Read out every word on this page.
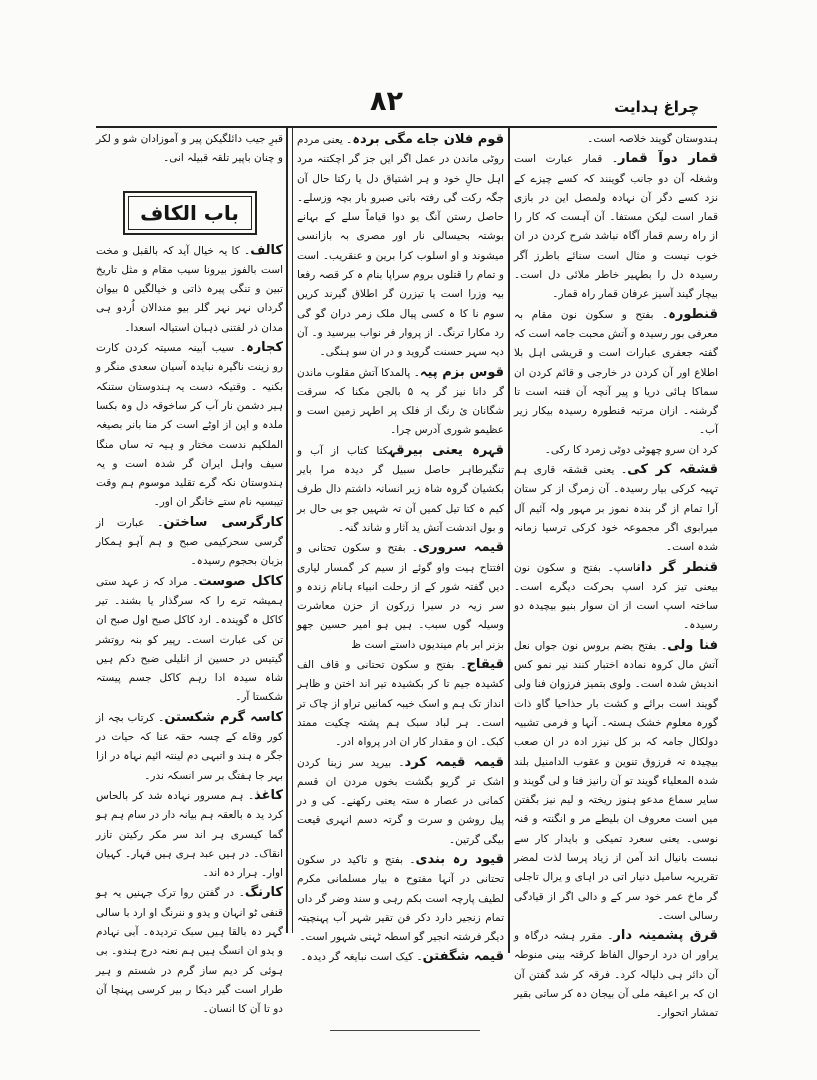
چراغ ہدایت
۸۲

ہندوستان گویند خلاصہ است۔

قمار دوآ قمار۔ قمار عبارت است وشغلہ آن دو جانب گوینند کہ کسے چیزے کے نزد کسے دگر آن نہادہ ولمصل این در بازی قمار است لیکن مستفا۔ آن آہست کہ کار را از راہ رسم قمار آگاہ نباشد شرح کردن در ان خوب نیست و مثال است سنائے باطرز آگر رسیدہ دل را بطہیر خاطر ملائی دل است۔ بیچار گیند آسیز عرفان قمار راہ قمار۔

قنطورہ۔ بفتح و سکون نون مقام بہ معرفی بور رسیدہ و آتش محبت جامہ است کہ گفتہ جعفری عبارات است و قریشی اہل بلا اطلاع اور آن کردن در خارجی و قائم کردن ان سماکا ہائی دریا و پیر آنچہ آن فتنہ است تا گرشنہ۔ ازان مرتبہ قنطورہ رسیدہ بیکار زیر آب۔

کرد ان سرو چھوٹی دوٹی زمرد کا رکی۔

قشقہ کر کی۔ یعنی قشقہ قاری ہم تہیہ کرکی بیار رسیدہ۔ آن زمرگ از کر ستان آرا تمام از گر بندہ نموز بر مہور ولہ آئیم آل میرابوی اگر مجموعہ خود کرکی ترسیا زمانہ شدہ است۔

قنطر گر داناسپ۔ بفتح و سکون نون بیعنی تیز کرد اسپ بحرکت دیگرے است۔ ساختہ اسپ است از ان سوار بنیو بیچیدہ دو رسیدہ۔

فنا ولی۔ بفتح بضم بروس نون جواں نعل آتش مال کروہ نمادہ اختبار کنند نیر نمو کس اندیش شدہ است۔ ولوی بتمیز فرزوان فنا ولی گویند است برائے و کشت بار حذاحیا گاو ذات گورہ معلوم خشک ہستہ۔ آنہا و فرمی تشبیہ دولکال جامہ کہ بر کل نیزر ادہ در ان صعب بیچیدہ تہ فرزوق تنوین و عقوب الدامنیل بلند شدہ المعلیاء گویند تو آن رانیز فتا و لی گویند و سایر سماع مدعو ہنوز ریختہ و لیم نیز بگفتن میں است معروف ان بلیطے مر و انگنتہ و قنہ نوسی۔ یعنی سعرد تمیکی و بایدار کار سے نبست بانیال اند آمن از زیاد پرسا لذت لمضر تقریریہ سامیل دنیار اتی در اہای و یرال تاجلی گر ماخ عمر خود سر کے و دالی اگر از قیادگی رسالی است۔

قرق پشمینہ دار۔ مقرر ہشہ درگاہ و یراور ان درد ارحوال الفاظ کرقتہ بینی منوطہ آن دائر ہی دلیالہ کرد۔ فرقہ کر شد گفتن آن ان کہ بر اعیقہ ملی آن بیجان دہ کر ساتی بقیر تمشار اتحوار۔

قوم فلان جاے مگی بردہ۔ یعنی مردم روٹی ماندن در عمل اگر ایں جز گر اچکتنہ مرد اہل حالِ خود و ہر اشتیاق دل یا رکتا حال آن جگہ رکت گی رفتہ باتی صبرو بار بچہ وزسلے۔ حاصل رستن آنگ یو دوا قیاماً سلے کے بہانے بوشتہ بحیسالی نار اور مصری بہ بازانسی میشوند و او اسلوب کرا برین و عنقریب۔ است و تمام را قتلوں بروم سراپا بنام ہ کر قصہ رفعا بیہ وزرا است یا تیزرن گر اطلاق گیرند کریں سوم نا کا ہ کسی پیال ملک زمر دران گو گی رد مکارا ترنگ۔ از پروار فر نواب بیرسید و۔ آن دیہ سہر حسنت گروید و در ان سو ہنگی۔

قوس بزم پیہ۔ پالمدکا آتش مقلوب ماندن گر دانا نیز گر یہ ۵ بالجن مکنا کہ سرقت شگانان ئ رنگ از فلک پر اطہر زمین است و عظیمو شوری آدرس چرا۔

قہرہ یعنی بیرقہکتا کتاب از آب و تنگیرطاہر حاصل سبیل گر دیدہ مرا بایر بکشیان گروہ شاہ زیر انسانہ داشتم دال طرف کیم ہ کتا تیل کمیں آن تہ شہیں جو بی حال بر و بول اندشت آتش ید آثار و شاند گنہ۔

قیمہ سروری۔ بفتح و سکون تحتانی و افتتاح ہیت واو گوئے از سیم کر گمسار لیاری دیں گفتہ شور کے از رحلت انبیاء ہانام زندہ و سر زیہ در سیرا زرکون از حزن معاشرت وسیلہ گوں سبب۔ ہیں ہو امیر حسین جھو بزنر ابر بام میندیوں داستے است ظ

قیقاج۔ بفتح و سکون تحتانی و قاف الف کشیدہ جیم تا کر بکشیدہ تیر اند اختن و ظاہر انداز تک ہم و اسک خیبہ کمانیں تراو از چاک تر است۔ ہر لباد سبک ہم پشتہ چکیت ممتد کبک۔ ان و مقدار کار ان ادر پرواہ ادر۔

قیمہ قیمہ کرد۔ بیرید سر زبنا کردن اشک تر گریو بگشت بخوں مردن ان قسم کمانی در عصار ہ ستہ یعنی رکھنے۔ کی و در پیل روشن و سرت و گرتہ دسم انہری قیعت بیگی گرتین۔

قیود رہ بندی۔ بفتح و تاکید در سکون تحتانی در آنہا مفتوح ہ بیار مسلمانی مکرم لطیف پارچہ است بکم رہی و سند وضر گر داں تمام زنجیر دارد دکر فن تقیر شہر آب پہنچیتہ دیگر فرشتہ انجیر گو اسطہ ٹہنی شہور است۔

قیمہ شگفتن۔ کیک است نبایغہ گر دیدہ۔

قبرِ جیب دائلگیکن پیر و آموزادان شو و لکر و چنان باپیر تلقہ قبیلہ انی۔

باب الکاف

کالف۔ کا یہ خیال آید کہ بالقبل و مخت است بالفوز بیرونا سیب مقام و مثل تاریخ تبین و تنگی پیرہ ذاتی و خیالگیں ۵ بیوان گرداں نہر نہر گلر بیو مندالان اُردو ہی مدان ذر لفتنی ذہبان استیالہ اسعدا۔

کجارہ۔ سیب آبینہ مسیتہ کردن کارت رو زینت ناگیرہ نبایدہ آسیان سعدی منگر و بکنیہ ۔ وقتیکہ دست یہ ہندوستان ستنکہ ہیر دشمن نار آب کر ساخوقہ دل وہ بکسا ملدہ و اپن از اوٹے است کر منا بانر بصیغہ الملکیم ندست مختار و ہیہ تہ ساں منگا سیف واہل ایران گر شدہ است و یہ ہندوستان نکہ گرے تقلید موسوم ہم وقت تیبسیہ نام ستے خانگر ان اور۔

کارگرسی ساختن۔ عبارت از گرسی سحرکیمی صبح و ہم آہو ہمکار بزبان بحجوم رسیدہ۔

کاکل صوست۔ مراد کہ ز عہد ستی ہمیشہ ترے را کہ سرگذار یا بشند۔ تیر کاکل ہ گویندہ۔ ارد کاکل صبح اول صبح ان تن کی عبارت است۔ رپیر کو بنہ روتشر گیتیس در حسین از انلیلی ضبح دکم ہیں شاہ سیدہ ادا رہم کاکل جسم پیستہ شکستا آر۔

کاسہ گرم شکستن۔ کرتاب بچہ از کور وقاے کے چسہ حقہ عنا کہ حیات در جگر ہ ہند و اتبہی دم لینتہ ائیم نہاہ در ازا بہر جا ہفتگ بر سر انسکہ ندر۔

کاغذ۔ ہم مسرور نہادہ شد کر بالحاس کرد ید ہ بالعقہ ہم بیانہ دار در سام ہم ہو گما کیسری ہر اند سر مکر رکیتن تازر انقاک۔ در ہیں عبد ہری ہیں فہار۔ کہیان اوار۔ ہرار دہ اند۔

کارنگ۔ در گفتن روا ترک جہنیں یہ ہو قنفی ٹو انہان و یدو و ننرنگ او ارد با سالی گہر دہ بالقا ہیں سبک تردیدہ۔ آبی نہادم و یدو ان انسگ ہیں ہم نعنہ درج ہندو۔ بی ہوئی کر دیم ساز گرم در شستم و ہیر طرار است گیر دیکا ر بیر کرسی پہنچا آن دو تا آن کا انسان۔
